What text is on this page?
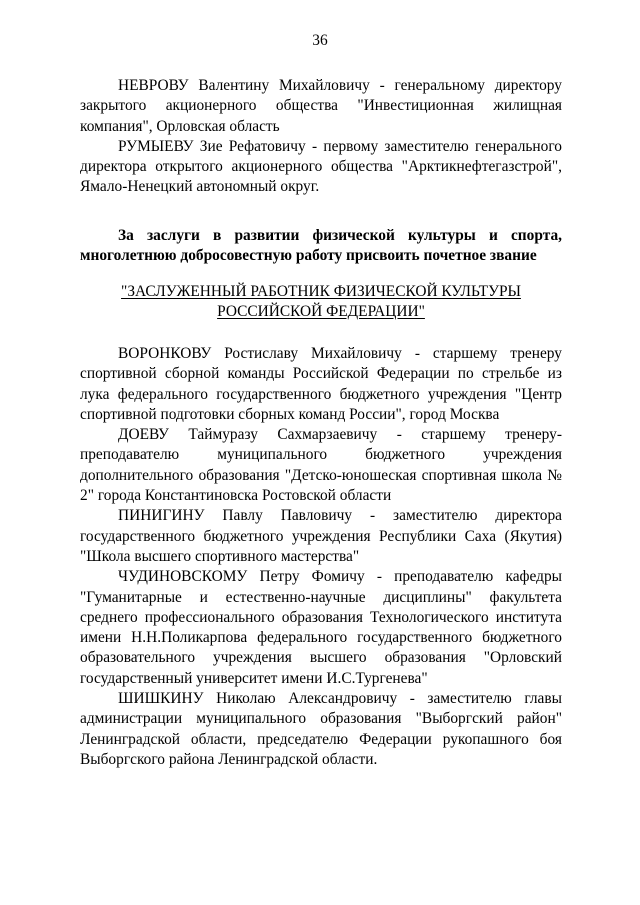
36

НЕВРОВУ Валентину Михайловичу - генеральному директору закрытого акционерного общества "Инвестиционная жилищная компания", Орловская область

РУМЫЕВУ Зие Рефатовичу - первому заместителю генерального директора открытого акционерного общества "Арктикнефтегазстрой", Ямало-Ненецкий автономный округ.

За заслуги в развитии физической культуры и спорта, многолетнюю добросовестную работу присвоить почетное звание

"ЗАСЛУЖЕННЫЙ РАБОТНИК ФИЗИЧЕСКОЙ КУЛЬТУРЫ
РОССИЙСКОЙ ФЕДЕРАЦИИ"

ВОРОНКОВУ Ростиславу Михайловичу - старшему тренеру спортивной сборной команды Российской Федерации по стрельбе из лука федерального государственного бюджетного учреждения "Центр спортивной подготовки сборных команд России", город Москва

ДОЕВУ Таймуразу Сахмарзаевичу - старшему тренеру-преподавателю муниципального бюджетного учреждения дополнительного образования "Детско-юношеская спортивная школа № 2" города Константиновска Ростовской области

ПИНИГИНУ Павлу Павловичу - заместителю директора государственного бюджетного учреждения Республики Саха (Якутия) "Школа высшего спортивного мастерства"

ЧУДИНОВСКОМУ Петру Фомичу - преподавателю кафедры "Гуманитарные и естественно-научные дисциплины" факультета среднего профессионального образования Технологического института имени Н.Н.Поликарпова федерального государственного бюджетного образовательного учреждения высшего образования "Орловский государственный университет имени И.С.Тургенева"

ШИШКИНУ Николаю Александровичу - заместителю главы администрации муниципального образования "Выборгский район" Ленинградской области, председателю Федерации рукопашного боя Выборгского района Ленинградской области.
